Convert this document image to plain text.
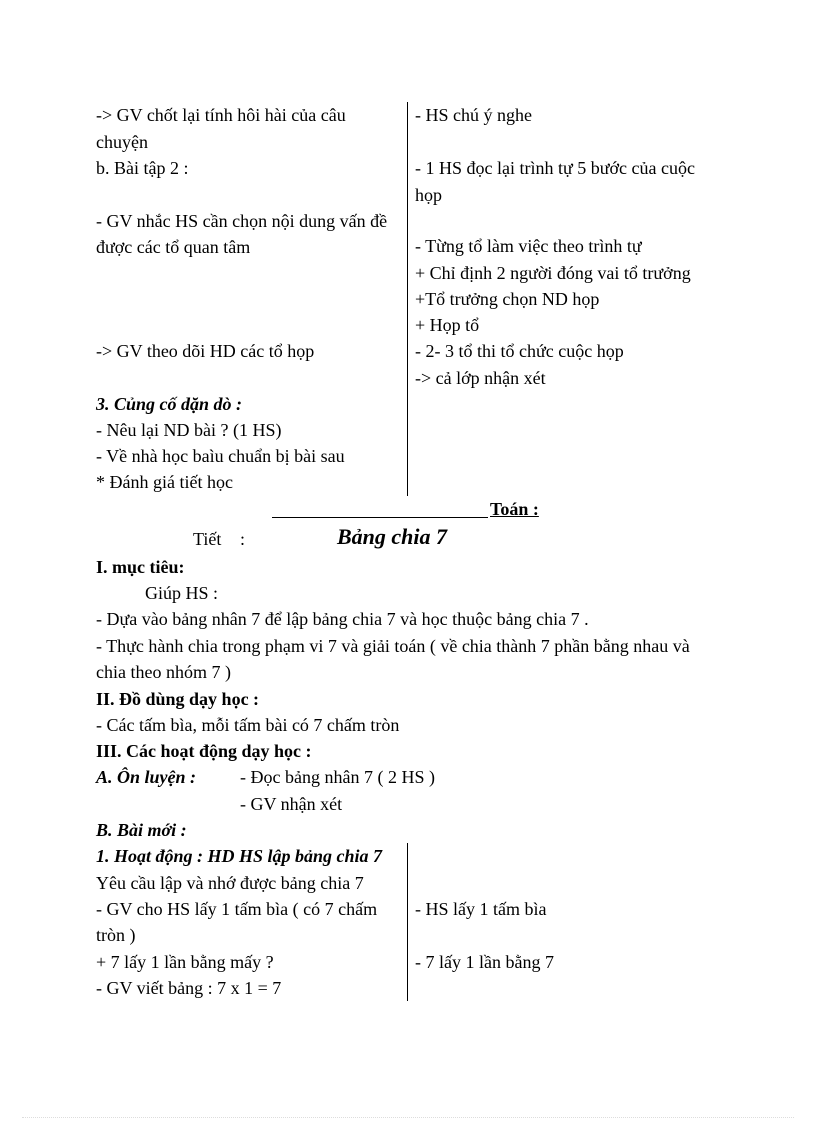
-> GV chốt lại tính hôi hài của câu
chuyện
b. Bài tập 2 :
- GV nhắc HS cần chọn nội dung vấn đề
được các tổ quan tâm
-> GV theo dõi HD các tổ họp
3. Củng cố dặn dò :
- Nêu lại ND bài ? (1 HS)
- Về nhà học baìu chuẩn bị bài sau
* Đánh giá tiết học
- HS chú ý nghe
- 1 HS đọc lại trình tự 5 bước của cuộc
họp
- Từng tổ làm việc theo trình tự
+ Chỉ định 2 người đóng vai tổ trưởng
+Tổ trưởng chọn ND họp
+ Họp tổ
- 2- 3 tổ thi tổ chức cuộc họp
-> cả lớp nhận xét
Toán :
Tiết :	Bảng chia 7
I. mục tiêu:
Giúp HS :
- Dựa vào bảng nhân 7 để lập bảng chia 7 và học thuộc bảng chia 7 .
- Thực hành chia trong phạm vi 7 và giải toán ( về chia thành 7 phần bằng nhau và
chia theo nhóm 7 )
II. Đồ dùng dạy học :
- Các tấm bìa, mỗi tấm bài có 7 chấm tròn
III. Các hoạt động dạy học :
A. Ôn luyện : - Đọc bảng nhân 7 ( 2 HS )
- GV nhận xét
B. Bài mới :
1. Hoạt động : HD HS lập bảng chia 7
Yêu cầu lập và nhớ được bảng chia 7
- GV cho HS lấy 1 tấm bìa ( có 7 chấm
tròn )
+ 7 lấy 1 lần bằng mấy ?
- GV viết bảng : 7 x 1 = 7
- HS lấy 1 tấm bìa
- 7 lấy 1 lần bằng 7
